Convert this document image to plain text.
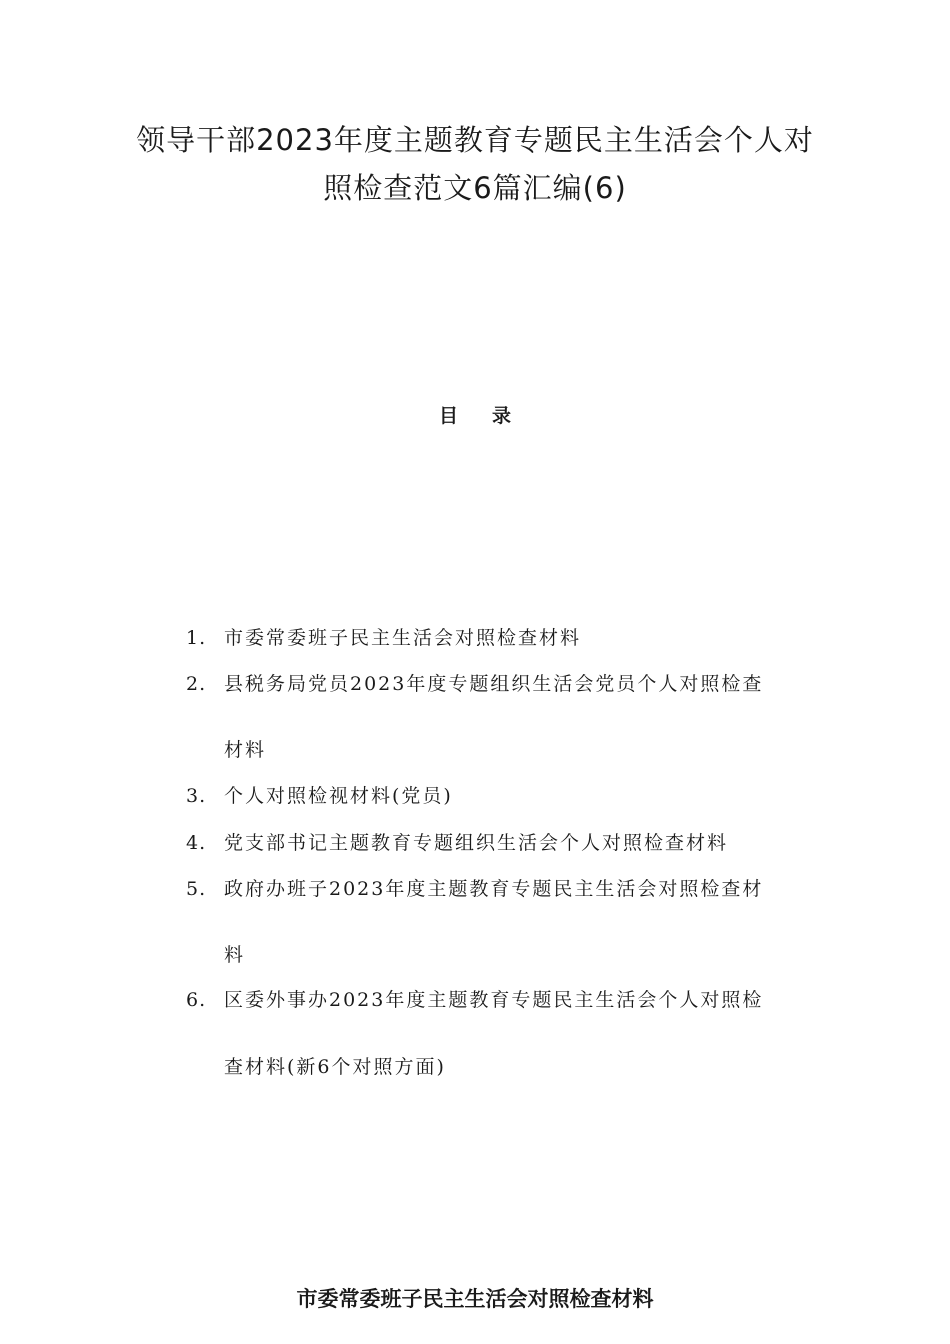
领导干部2023年度主题教育专题民主生活会个人对
照检查范文6篇汇编(6)
目 录
1. 市委常委班子民主生活会对照检查材料
2. 县税务局党员2023年度专题组织生活会党员个人对照检查
材料
3. 个人对照检视材料(党员)
4. 党支部书记主题教育专题组织生活会个人对照检查材料
5. 政府办班子2023年度主题教育专题民主生活会对照检查材
料
6. 区委外事办2023年度主题教育专题民主生活会个人对照检
查材料(新6个对照方面)
市委常委班子民主生活会对照检查材料
